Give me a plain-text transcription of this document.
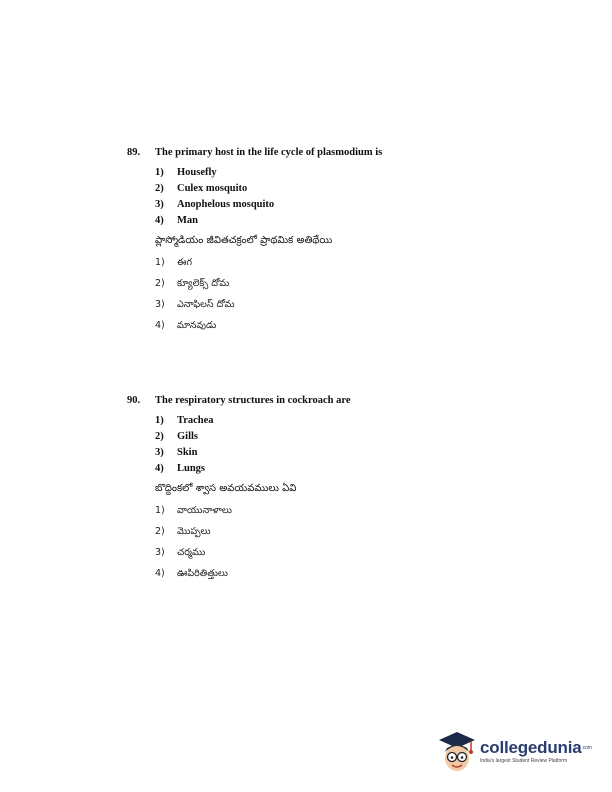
89.	The primary host in the life cycle of plasmodium is
1)	Housefly
2)	Culex mosquito
3)	Anophelous mosquito
4)	Man
ప్లాస్మోడియం జీవితచక్రంలో ప్రాథమిక అతిథేయి
1)	ఈగ
2)	క్యూలెక్స్ దోమ
3)	ఎనాఫిలస్ దోమ
4)	మానవుడు
90.	The respiratory structures in cockroach are
1)	Trachea
2)	Gills
3)	Skin
4)	Lungs
బొద్దింకలో శ్వాస అవయవములు ఏవి
1)	వాయునాళాలు
2)	మొప్పలు
3)	చర్మము
4)	ఊపిరితిత్తులు
collegedunia$^{.com}$
India's largest Student Review Platform
